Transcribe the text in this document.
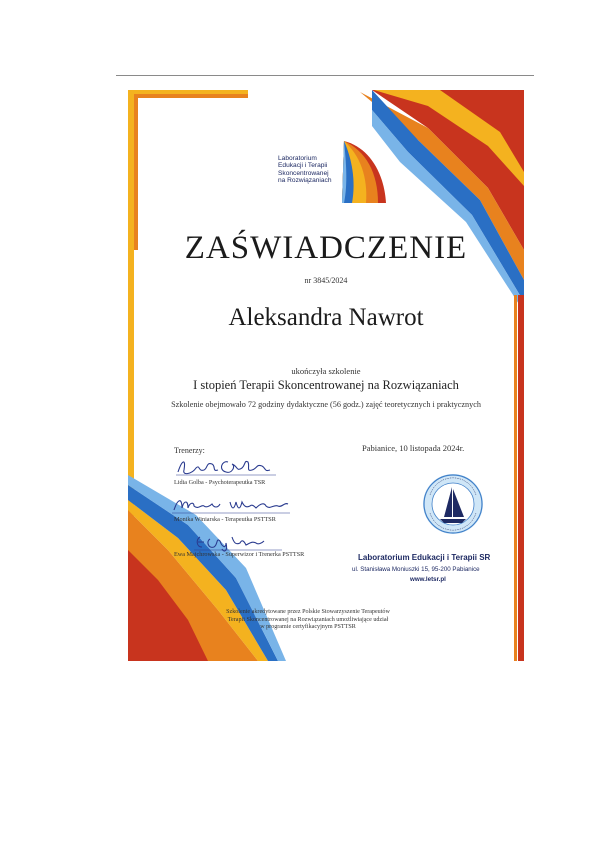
Laboratorium
Edukacji i Terapii
Skoncentrowanej
na Rozwiązaniach
ZAŚWIADCZENIE
nr 3845/2024
Aleksandra Nawrot
ukończyła szkolenie
I stopień Terapii Skoncentrowanej na Rozwiązaniach
Szkolenie obejmowało 72 godziny dydaktyczne (56 godz.) zajęć teoretycznych i praktycznych
Trenerzy:	Pabianice, 10 listopada 2024r.
Lidia Golba - Psychoterapeutka TSR
Monika Winiarska - Terapeutka PSTTSR
Ewa Majchrowska - Superwizor i Trenerka PSTTSR	Laboratorium Edukacji i Terapii SR
ul. Stanisława Moniuszki 15, 95-200 Pabianice
www.letsr.pl
Szkolenie akredytowane przez Polskie Stowarzyszenie Terapeutów
Terapii Skoncentrowanej na Rozwiązaniach umożliwiające udział
w programie certyfikacyjnym PSTTSR
